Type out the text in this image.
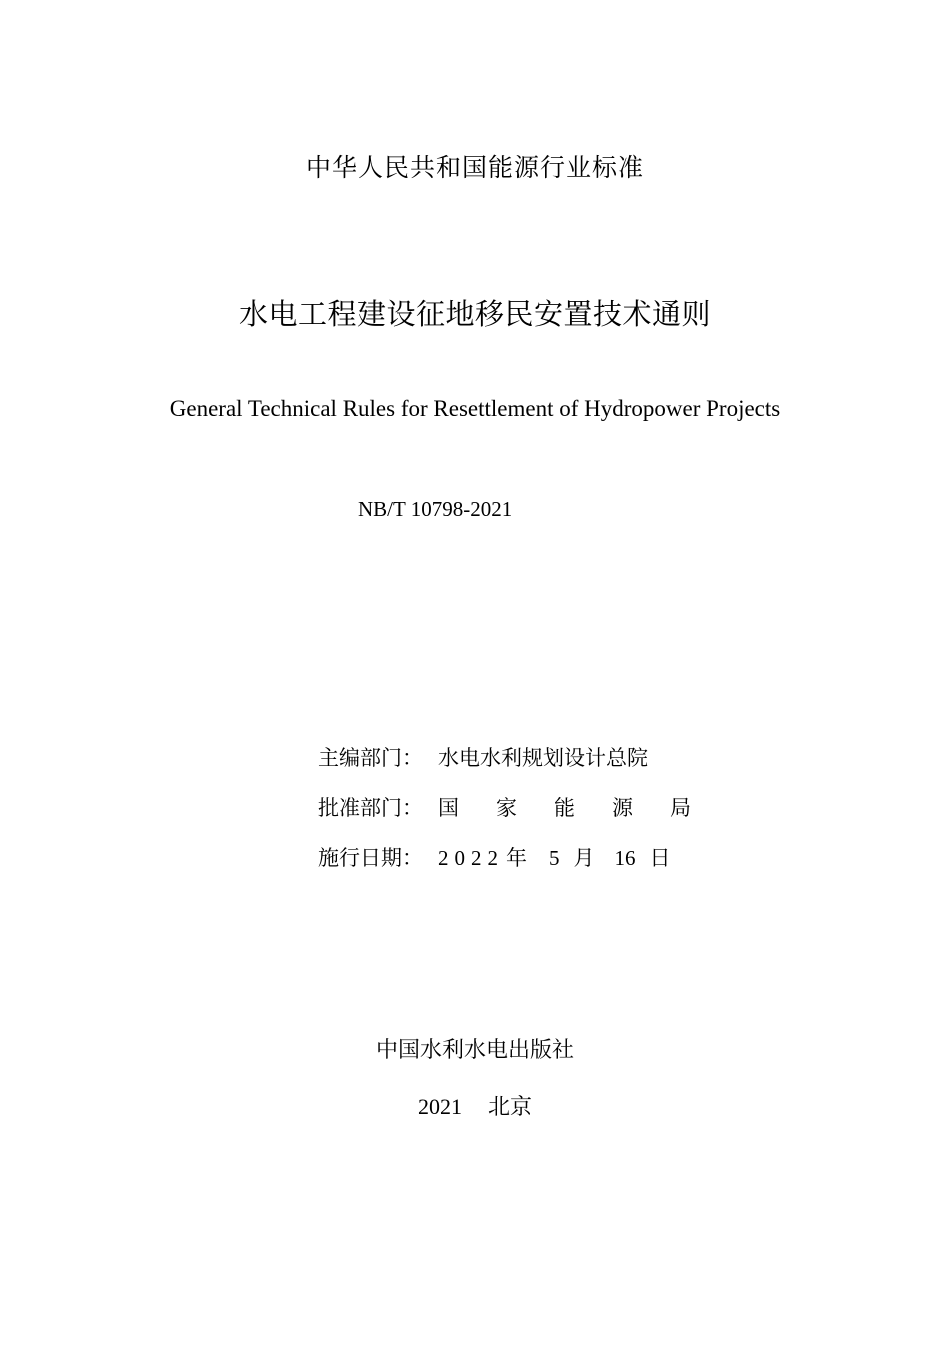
中华人民共和国能源行业标准
水电工程建设征地移民安置技术通则
General Technical Rules for Resettlement of Hydropower Projects
NB/T 10798-2021
主编部门： 水电水利规划设计总院
批准部门： 国 家 能 源 局
施行日期： 2022年 5 月 16 日
中国水利水电出版社
2021 北京
